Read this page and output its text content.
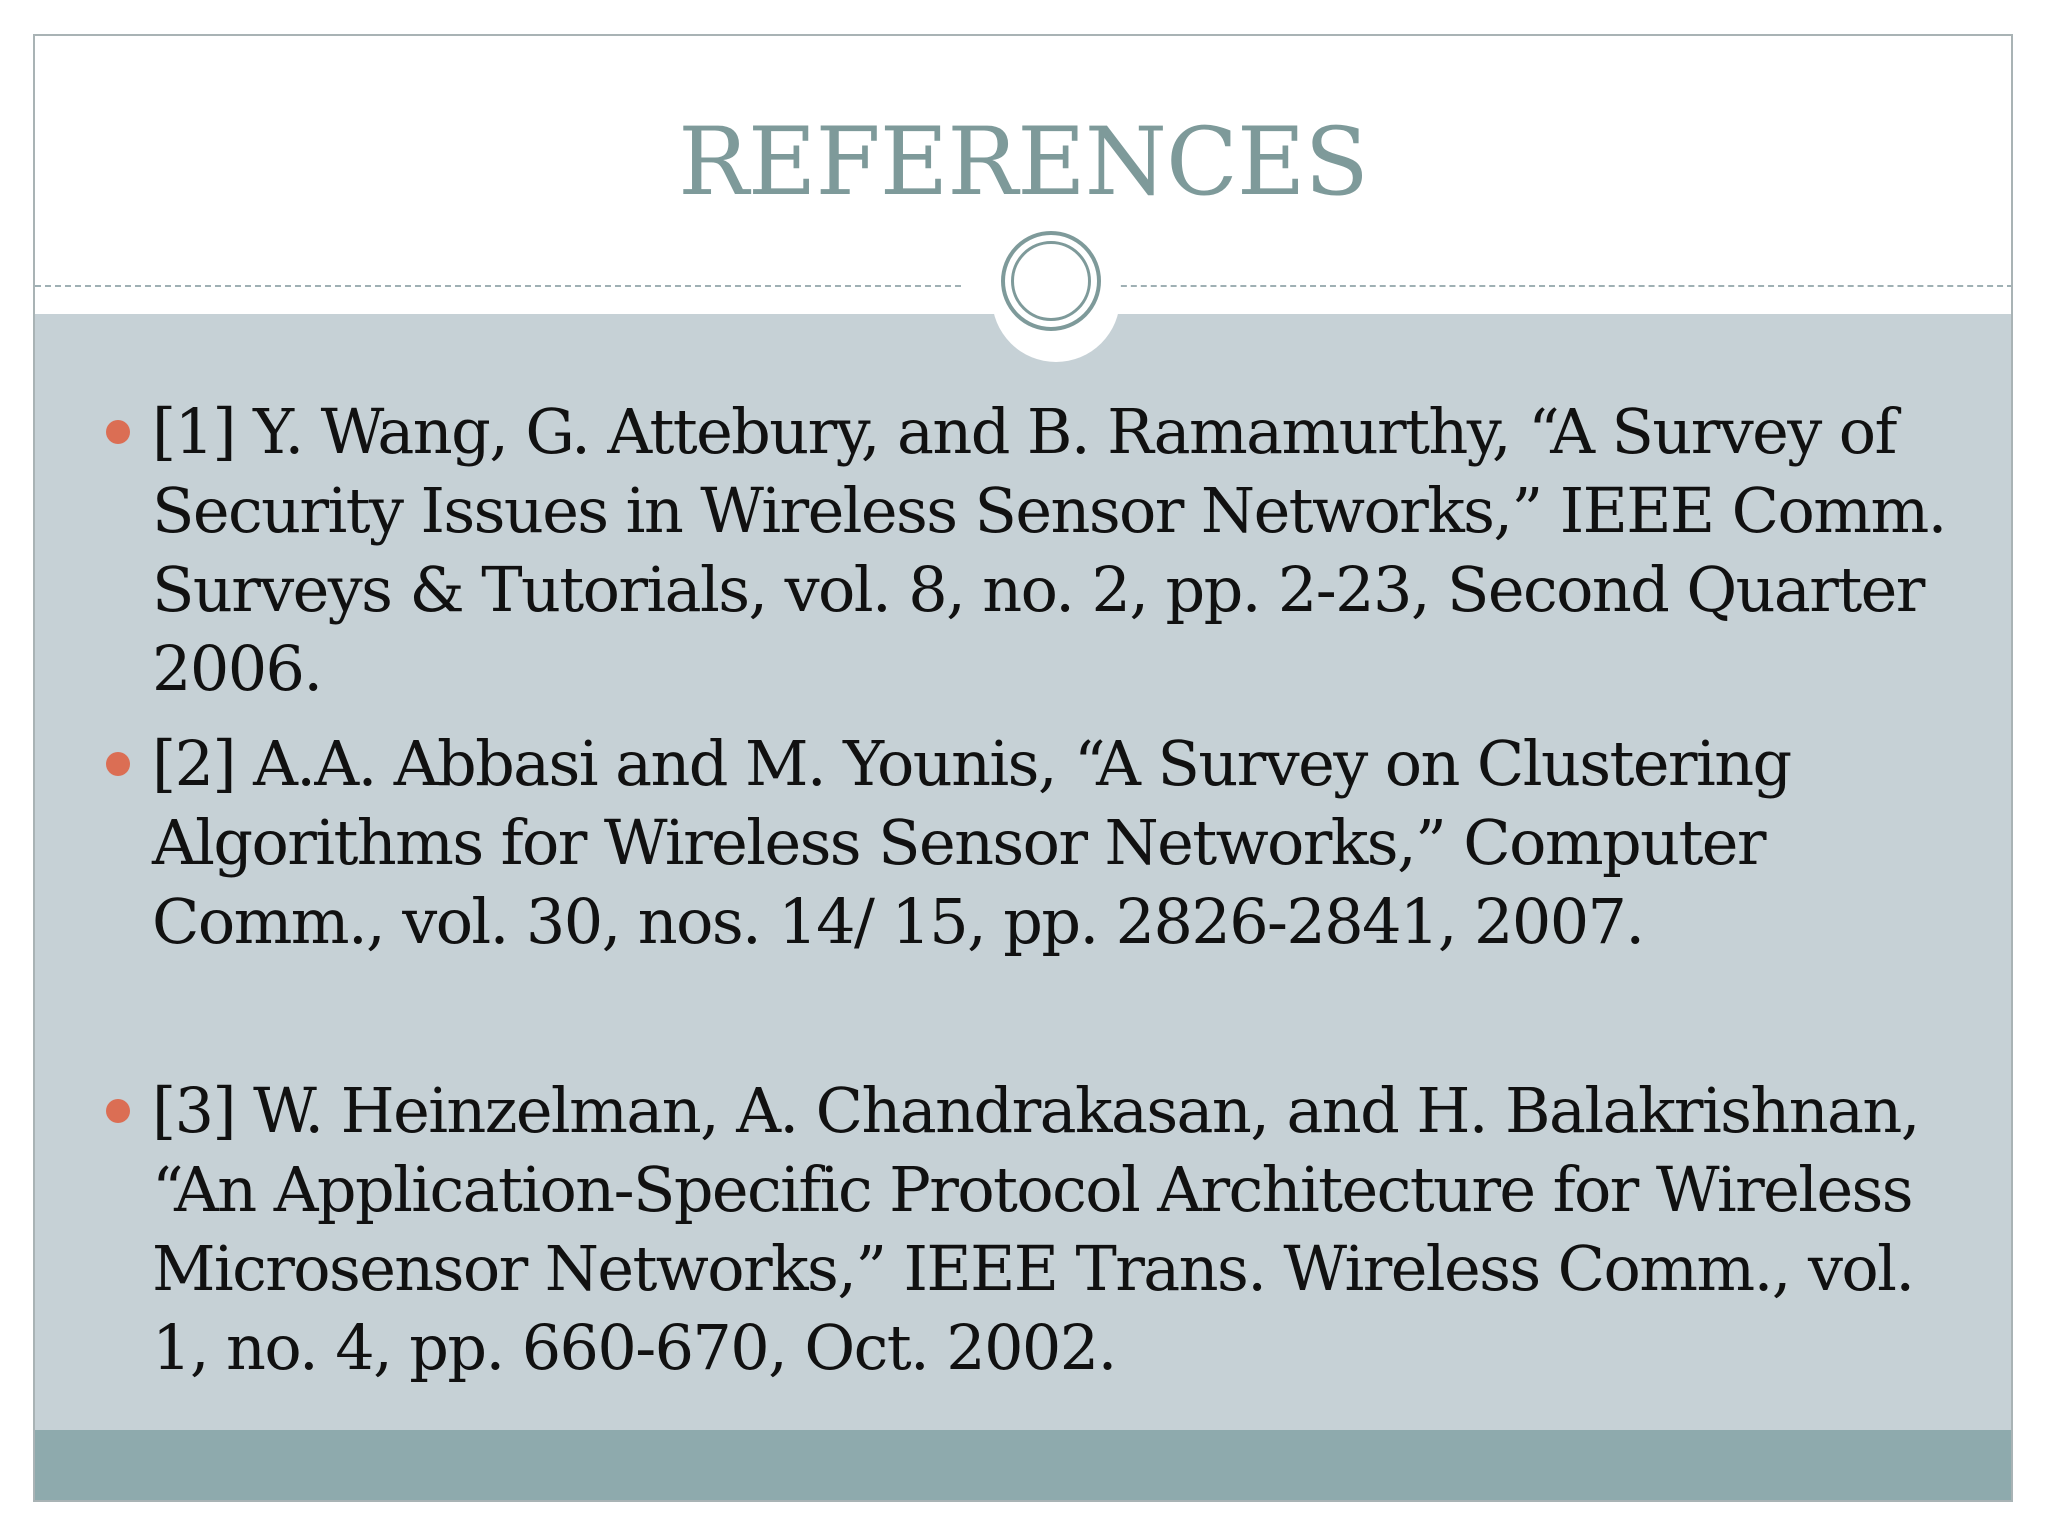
REFERENCES
[1] Y. Wang, G. Attebury, and B. Ramamurthy, “A Survey of Security Issues in Wireless Sensor Networks,” IEEE Comm. Surveys & Tutorials, vol. 8, no. 2, pp. 2-23, Second Quarter 2006.
[2] A.A. Abbasi and M. Younis, “A Survey on Clustering Algorithms for Wireless Sensor Networks,” Computer Comm., vol. 30, nos. 14/ 15, pp. 2826-2841, 2007.
[3] W. Heinzelman, A. Chandrakasan, and H. Balakrishnan, “An Application-Specific Protocol Architecture for Wireless Microsensor Networks,” IEEE Trans. Wireless Comm., vol. 1, no. 4, pp. 660-670, Oct. 2002.
